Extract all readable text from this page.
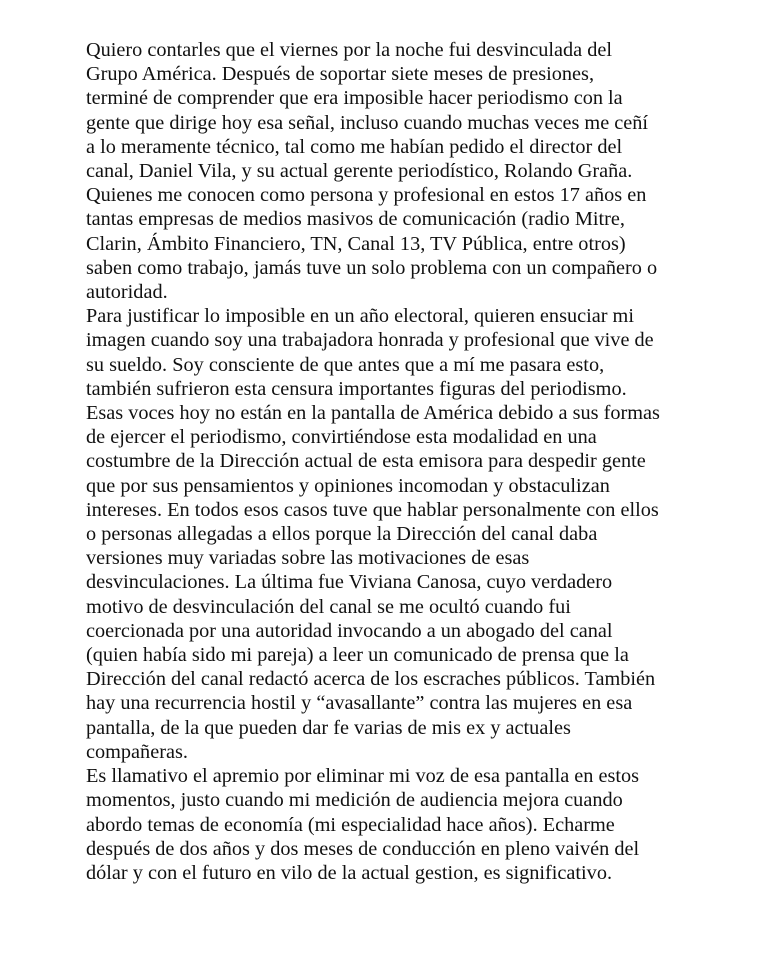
Quiero contarles que el viernes por la noche fui desvinculada del
Grupo América. Después de soportar siete meses de presiones,
terminé de comprender que era imposible hacer periodismo con la
gente que dirige hoy esa señal, incluso cuando muchas veces me ceñí
a lo meramente técnico, tal como me habían pedido el director del
canal, Daniel Vila, y su actual gerente periodístico, Rolando Graña.
Quienes me conocen como persona y profesional en estos 17 años en
tantas empresas de medios masivos de comunicación (radio Mitre,
Clarin, Ámbito Financiero, TN, Canal 13, TV Pública, entre otros)
saben como trabajo, jamás tuve un solo problema con un compañero o
autoridad.
Para justificar lo imposible en un año electoral, quieren ensuciar mi
imagen cuando soy una trabajadora honrada y profesional que vive de
su sueldo. Soy consciente de que antes que a mí me pasara esto,
también sufrieron esta censura importantes figuras del periodismo.
Esas voces hoy no están en la pantalla de América debido a sus formas
de ejercer el periodismo, convirtiéndose esta modalidad en una
costumbre de la Dirección actual de esta emisora para despedir gente
que por sus pensamientos y opiniones incomodan y obstaculizan
intereses. En todos esos casos tuve que hablar personalmente con ellos
o personas allegadas a ellos porque la Dirección del canal daba
versiones muy variadas sobre las motivaciones de esas
desvinculaciones. La última fue Viviana Canosa, cuyo verdadero
motivo de desvinculación del canal se me ocultó cuando fui
coercionada por una autoridad invocando a un abogado del canal
(quien había sido mi pareja) a leer un comunicado de prensa que la
Dirección del canal redactó acerca de los escraches públicos. También
hay una recurrencia hostil y “avasallante” contra las mujeres en esa
pantalla, de la que pueden dar fe varias de mis ex y actuales
compañeras.
Es llamativo el apremio por eliminar mi voz de esa pantalla en estos
momentos, justo cuando mi medición de audiencia mejora cuando
abordo temas de economía (mi especialidad hace años). Echarme
después de dos años y dos meses de conducción en pleno vaivén del
dólar y con el futuro en vilo de la actual gestion, es significativo.
